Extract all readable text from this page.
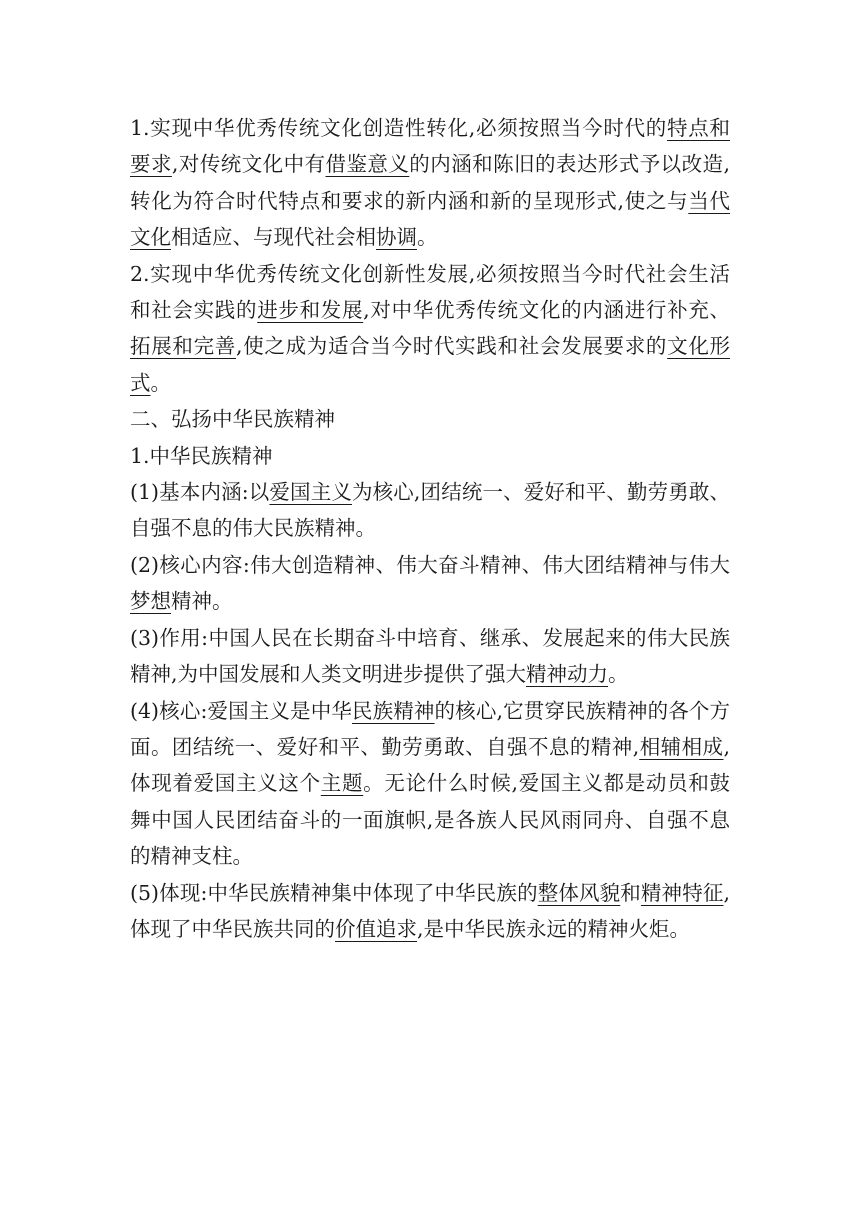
1.实现中华优秀传统文化创造性转化,必须按照当今时代的特点和要求,对传统文化中有借鉴意义的内涵和陈旧的表达形式予以改造,转化为符合时代特点和要求的新内涵和新的呈现形式,使之与当代文化相适应、与现代社会相协调。

2.实现中华优秀传统文化创新性发展,必须按照当今时代社会生活和社会实践的进步和发展,对中华优秀传统文化的内涵进行补充、拓展和完善,使之成为适合当今时代实践和社会发展要求的文化形式。

二、弘扬中华民族精神

1.中华民族精神

(1)基本内涵:以爱国主义为核心,团结统一、爱好和平、勤劳勇敢、自强不息的伟大民族精神。

(2)核心内容:伟大创造精神、伟大奋斗精神、伟大团结精神与伟大梦想精神。

(3)作用:中国人民在长期奋斗中培育、继承、发展起来的伟大民族精神,为中国发展和人类文明进步提供了强大精神动力。

(4)核心:爱国主义是中华民族精神的核心,它贯穿民族精神的各个方面。团结统一、爱好和平、勤劳勇敢、自强不息的精神,相辅相成,体现着爱国主义这个主题。无论什么时候,爱国主义都是动员和鼓舞中国人民团结奋斗的一面旗帜,是各族人民风雨同舟、自强不息的精神支柱。

(5)体现:中华民族精神集中体现了中华民族的整体风貌和精神特征,体现了中华民族共同的价值追求,是中华民族永远的精神火炬。
